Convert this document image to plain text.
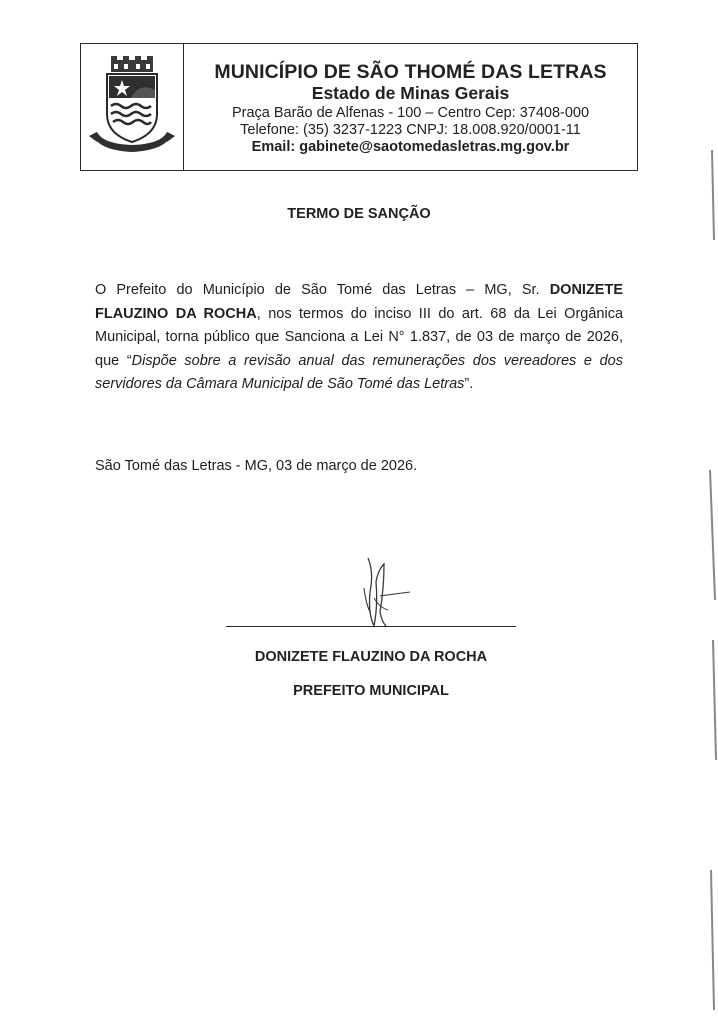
MUNICÍPIO DE SÃO THOMÉ DAS LETRAS
Estado de Minas Gerais
Praça Barão de Alfenas - 100 – Centro Cep: 37408-000
Telefone: (35) 3237-1223 CNPJ: 18.008.920/0001-11
Email: gabinete@saotomedasletras.mg.gov.br
TERMO DE SANÇÃO
O Prefeito do Município de São Tomé das Letras – MG, Sr. DONIZETE FLAUZINO DA ROCHA, nos termos do inciso III do art. 68 da Lei Orgânica Municipal, torna público que Sanciona a Lei N° 1.837, de 03 de março de 2026, que “Dispõe sobre a revisão anual das remunerações dos vereadores e dos servidores da Câmara Municipal de São Tomé das Letras”.
São Tomé das Letras - MG, 03 de março de 2026.
DONIZETE FLAUZINO DA ROCHA
PREFEITO MUNICIPAL
